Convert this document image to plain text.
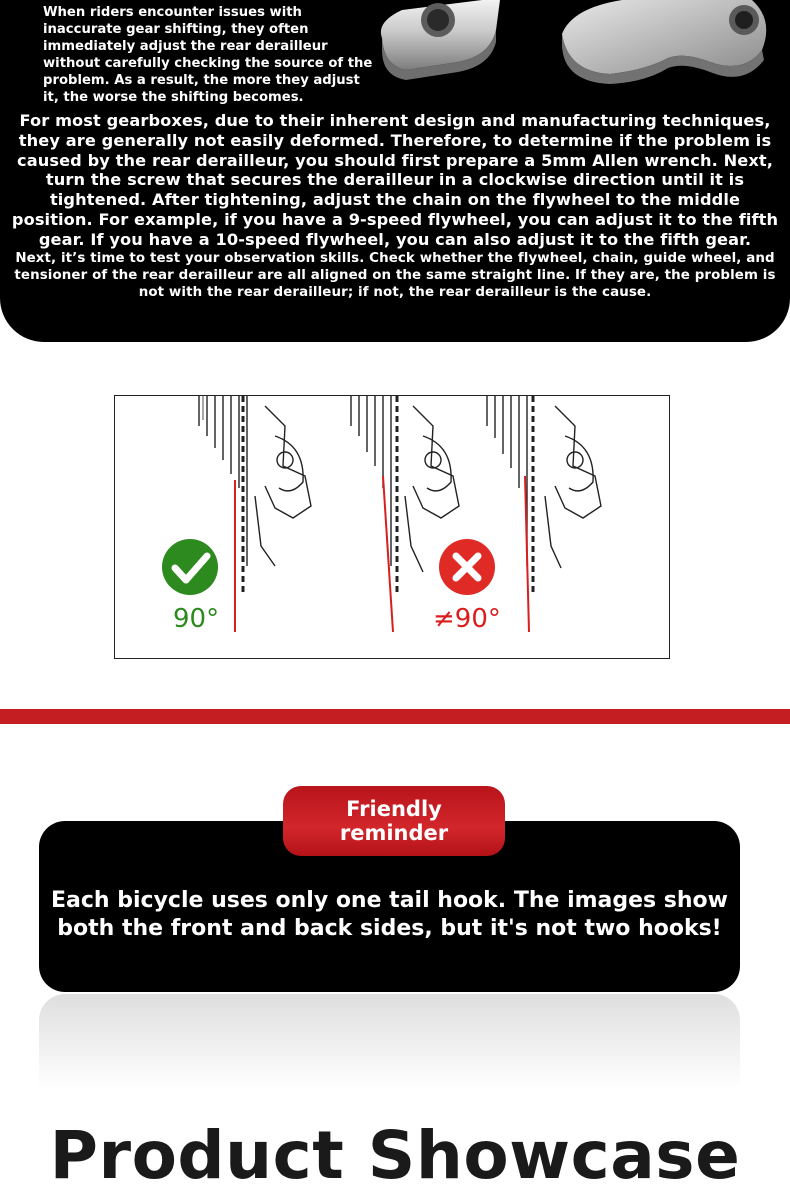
When riders encounter issues with inaccurate gear shifting, they often immediately adjust the rear derailleur without carefully checking the source of the problem. As a result, the more they adjust it, the worse the shifting becomes.
For most gearboxes, due to their inherent design and manufacturing techniques, they are generally not easily deformed. Therefore, to determine if the problem is caused by the rear derailleur, you should first prepare a 5mm Allen wrench. Next, turn the screw that secures the derailleur in a clockwise direction until it is tightened. After tightening, adjust the chain on the flywheel to the middle position. For example, if you have a 9-speed flywheel, you can adjust it to the fifth gear. If you have a 10-speed flywheel, you can also adjust it to the fifth gear.
Next, it’s time to test your observation skills. Check whether the flywheel, chain, guide wheel, and tensioner of the rear derailleur are all aligned on the same straight line. If they are, the problem is not with the rear derailleur; if not, the rear derailleur is the cause.
90°	≠90°
Friendly
reminder
Each bicycle uses only one tail hook. The images show
both the front and back sides, but it's not two hooks!
Product Showcase
